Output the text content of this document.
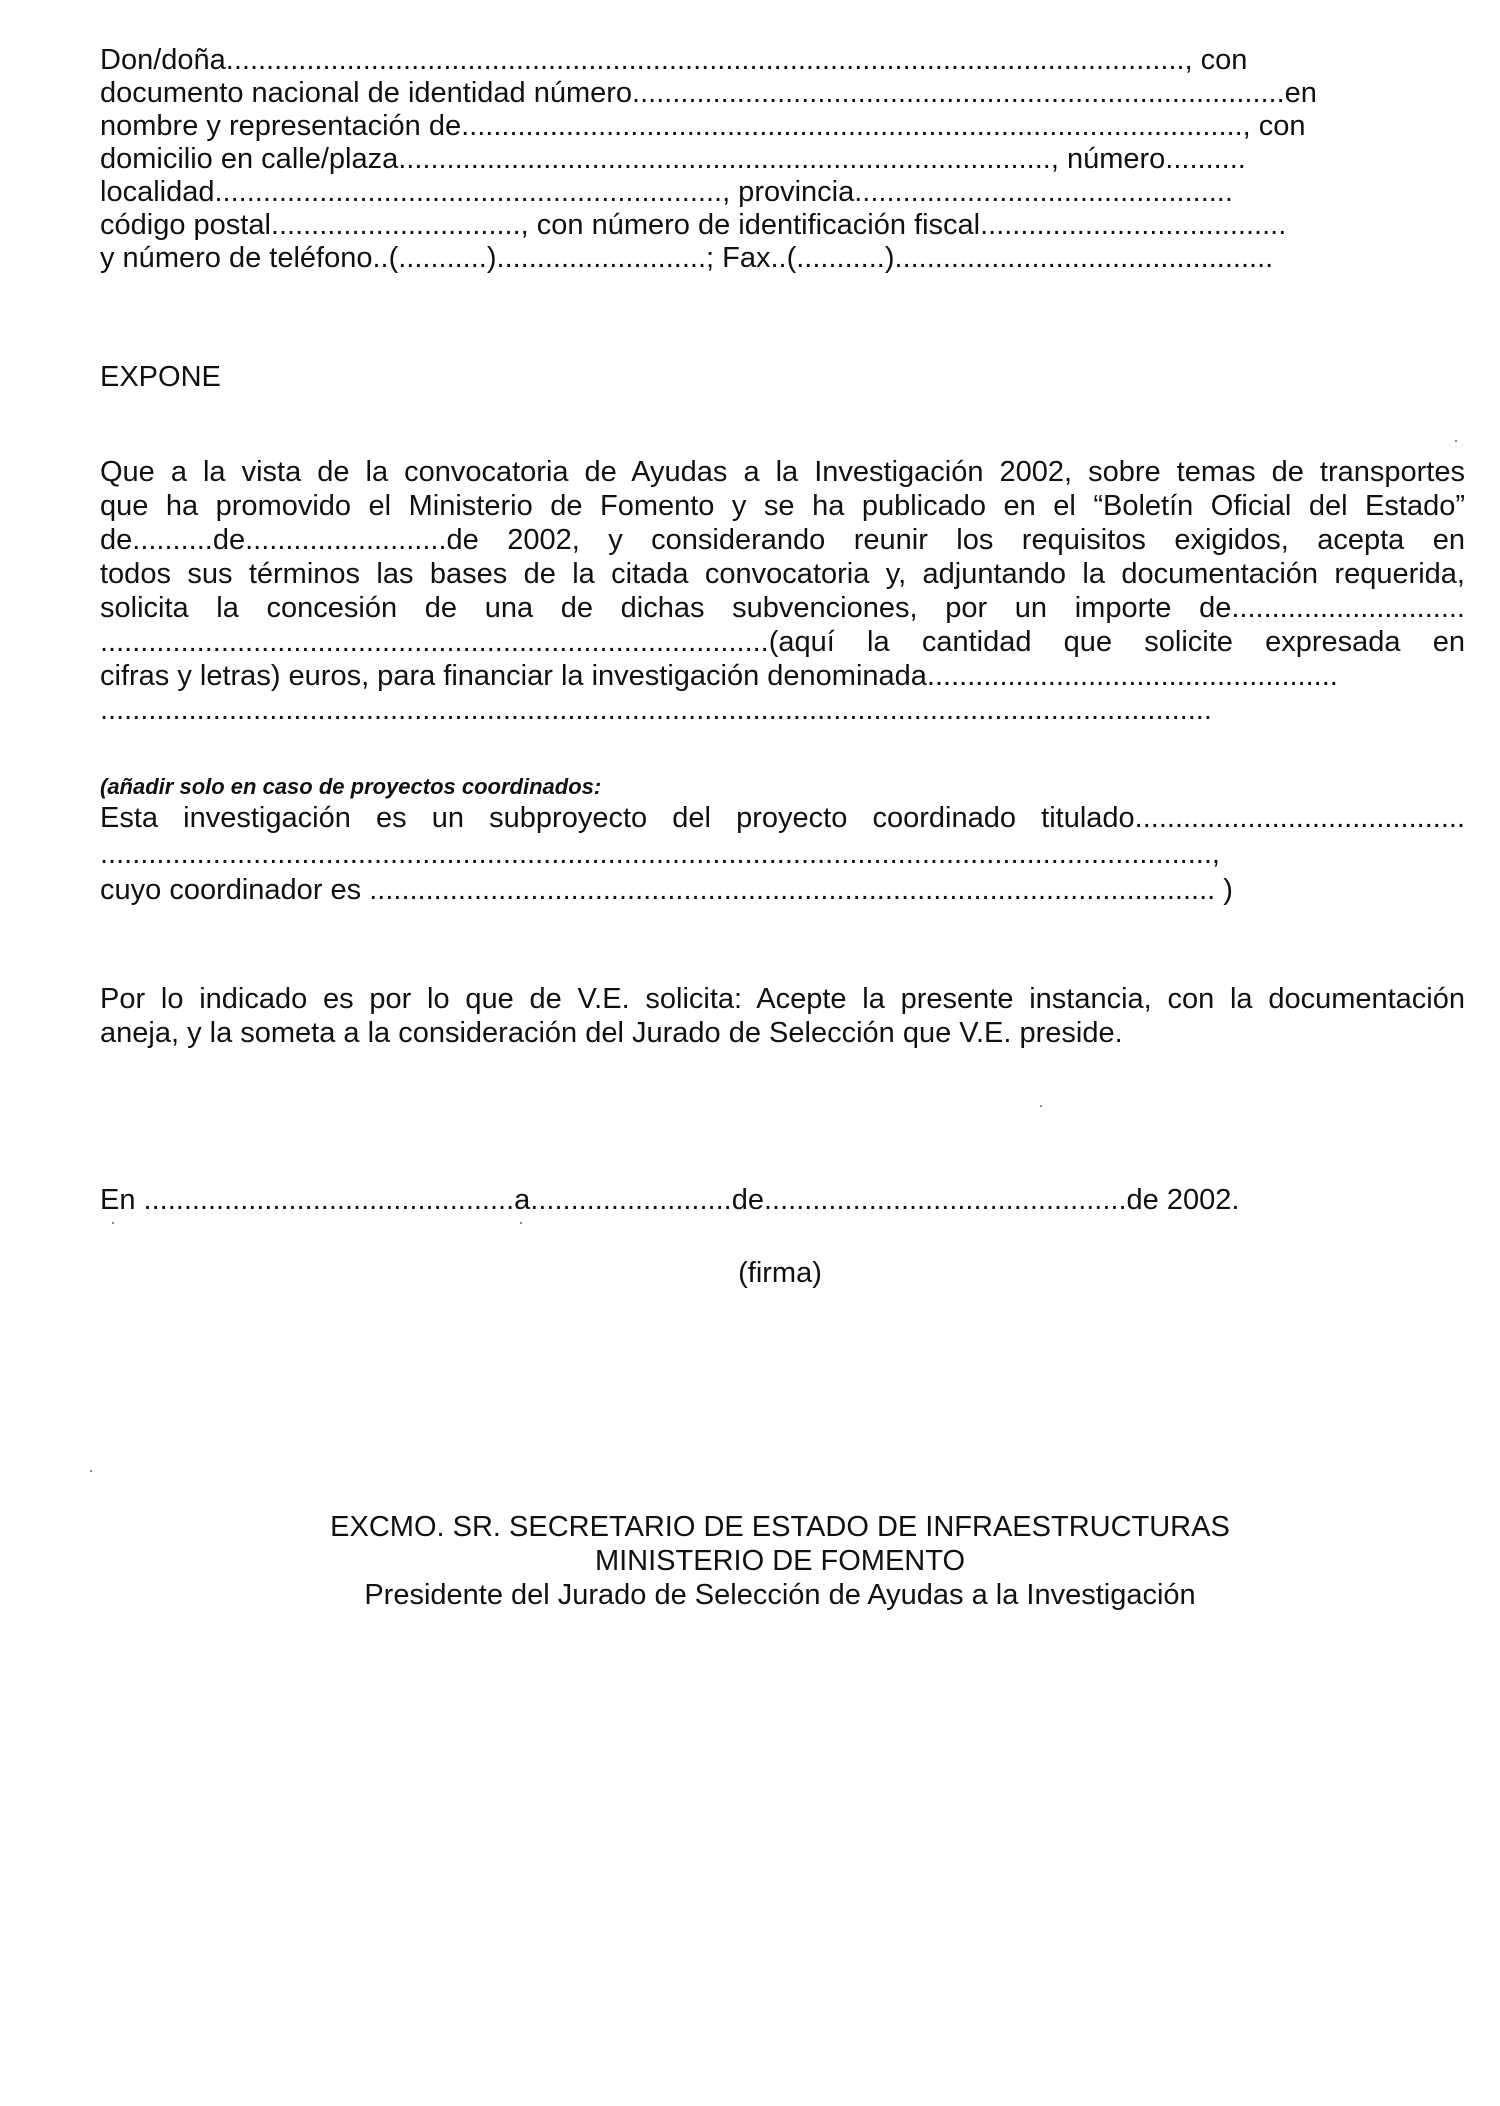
Don/doña......................................................................................................................., con
documento nacional de identidad número.................................................................................en
nombre y representación de................................................................................................., con
domicilio en calle/plaza................................................................................., número..........
localidad..............................................................., provincia...............................................
código postal..............................., con número de identificación fiscal......................................
y número de teléfono..(...........)..........................; Fax..(...........)...............................................
EXPONE
Que a la vista de la convocatoria de Ayudas a la Investigación 2002, sobre temas de transportes
que ha promovido el Ministerio de Fomento y se ha publicado en el “Boletín Oficial del Estado”
de..........de.........................de 2002, y considerando reunir los requisitos exigidos, acepta en
todos sus términos las bases de la citada convocatoria y, adjuntando la documentación requerida,
solicita la concesión de una de dichas subvenciones, por un importe de.............................
...................................................................................(aquí la cantidad que solicite expresada en
cifras y letras) euros, para financiar la investigación denominada...................................................
..........................................................................................................................................
(añadir solo en caso de proyectos coordinados:
Esta investigación es un subproyecto del proyecto coordinado titulado.........................................
..........................................................................................................................................,
cuyo coordinador es ......................................................................................................... )
Por lo indicado es por lo que de V.E. solicita: Acepte la presente instancia, con la documentación
aneja, y la someta a la consideración del Jurado de Selección que V.E. preside.
En ..............................................a.........................de.............................................de 2002.
(firma)
EXCMO. SR. SECRETARIO DE ESTADO DE INFRAESTRUCTURAS
MINISTERIO DE FOMENTO
Presidente del Jurado de Selección de Ayudas a la Investigación
